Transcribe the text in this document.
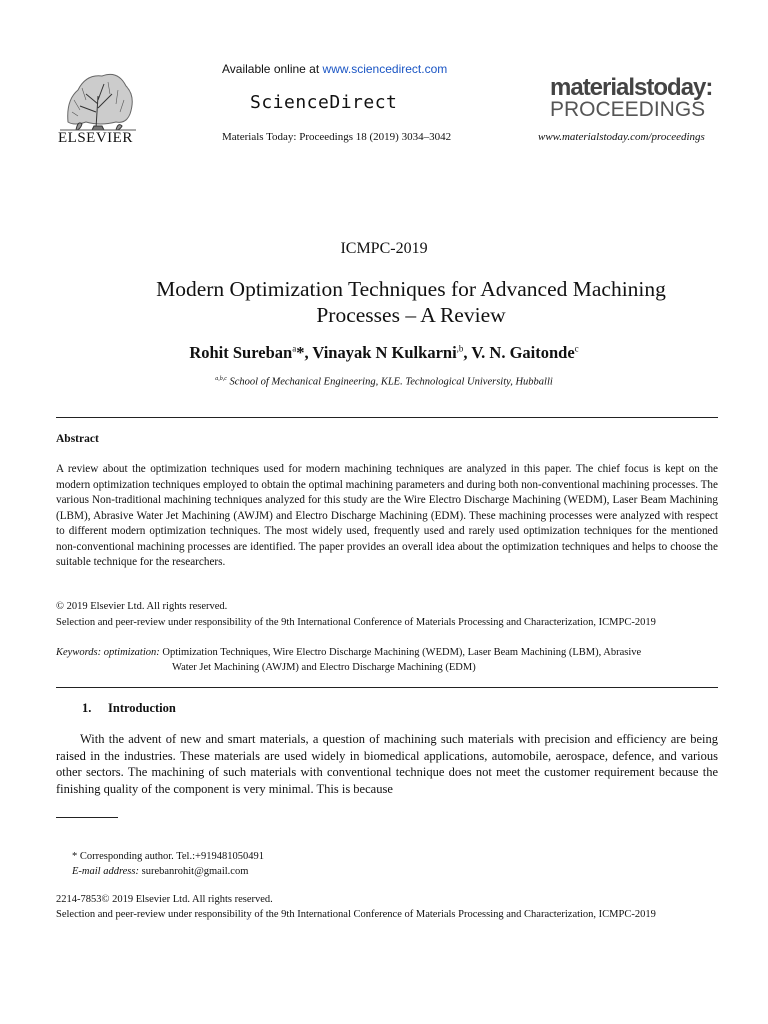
ELSEVIER
Available online at www.sciencedirect.com
ScienceDirect
Materials Today: Proceedings 18 (2019) 3034–3042
materialstoday:
PROCEEDINGS
www.materialstoday.com/proceedings
ICMPC-2019
Modern Optimization Techniques for Advanced Machining
Processes – A Review
Rohit Sureban$^a$*, Vinayak N Kulkarni$^{,b}$, V. N. Gaitonde$^c$
$^{a,b,c}$ School of Mechanical Engineering, KLE. Technological University, Hubballi
Abstract
A review about the optimization techniques used for modern machining techniques are analyzed in this paper. The chief focus is kept on the modern optimization techniques employed to obtain the optimal machining parameters and during both non-conventional machining processes. The various Non-traditional machining techniques analyzed for this study are the Wire Electro Discharge Machining (WEDM), Laser Beam Machining (LBM), Abrasive Water Jet Machining (AWJM) and Electro Discharge Machining (EDM). These machining processes were analyzed with respect to different modern optimization techniques. The most widely used, frequently used and rarely used optimization techniques for the mentioned non-conventional machining processes are identified. The paper provides an overall idea about the optimization techniques and helps to choose the suitable technique for the researchers.
© 2019 Elsevier Ltd. All rights reserved.
Selection and peer-review under responsibility of the 9th International Conference of Materials Processing and Characterization, ICMPC-2019
Keywords: optimization: Optimization Techniques, Wire Electro Discharge Machining (WEDM), Laser Beam Machining (LBM), Abrasive
Water Jet Machining (AWJM) and Electro Discharge Machining (EDM)
1. Introduction
With the advent of new and smart materials, a question of machining such materials with precision and efficiency are being raised in the industries. These materials are used widely in biomedical applications, automobile, aerospace, defence, and various other sectors. The machining of such materials with conventional technique does not meet the customer requirement because the finishing quality of the component is very minimal. This is because
* Corresponding author. Tel.:+919481050491
E-mail address: surebanrohit@gmail.com
2214-7853© 2019 Elsevier Ltd. All rights reserved.
Selection and peer-review under responsibility of the 9th International Conference of Materials Processing and Characterization, ICMPC-2019
